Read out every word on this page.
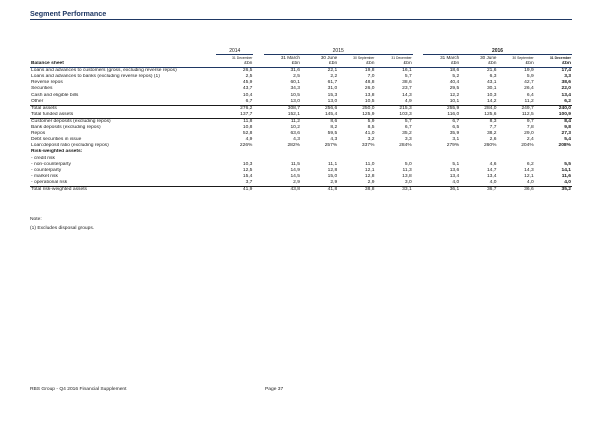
Segment Performance
	2014		2015					2016			
	31 December		31 March	30 June	30 September	31 December		31 March	30 June	30 September	31 December
Balance sheet	£bn		£bn	£bn	£bn	£bn		£bn	£bn	£bn	£bn
Loans and advances to customers (gross, excluding reverse repos)	26,5		31,6	22,1	19,8	16,1		18,6	21,6	19,9	17,4
Loans and advances to banks (excluding reverse repos) (1)	2,5		2,5	2,2	7,0	5,7		5,2	6,3	5,9	3,3
Reverse repos	45,9		60,1	61,7	48,8	38,6		40,4	43,1	42,7	38,6
Securities	43,7		34,3	31,0	26,0	23,7		29,5	30,1	26,4	22,0
Cash and eligible bills	10,4		10,5	15,3	13,8	14,3		12,2	10,3	6,4	13,4
Other	6,7		13,0	13,0	10,5	4,9		10,1	14,2	11,2	6,2
Total assets	276,2		308,7	256,6	250,0	215,3		255,9	284,0	249,7	240,0
Total funded assets	137,7		152,1	145,4	125,9	103,3		116,0	125,6	112,5	100,9
Customer deposits (excluding repos)	11,8		11,2	8,6	5,9	5,7		6,7	8,3	9,7	8,4
Bank deposits (excluding repos)	10,8		10,2	8,2	8,5	6,7		6,5	7,7	7,8	9,8
Repos	52,8		63,6	59,5	41,0	35,2		35,9	38,2	29,0	27,3
Debt securities in issue	4,9		4,3	4,3	3,2	3,3		3,1	2,6	2,4	5,4
Loan:deposit ratio (excluding repos)	226%		282%	257%	337%	284%		279%	260%	204%	208%
Risk-weighted assets:											
- credit risk											
- non-counterparty	10,3		11,5	11,1	11,0	5,0		5,1	4,6	6,2	5,5
- counterparty	12,5		14,9	12,8	12,1	11,3		13,6	14,7	14,3	14,1
- market risk	15,4		14,5	15,0	12,8	13,8		13,4	13,4	12,1	11,6
- operational risk	3,7		2,9	2,9	2,9	3,0		4,0	4,0	4,0	4,0
Total risk-weighted assets	41,9		43,8	41,8	38,8	33,1		36,1	36,7	36,6	35,2
Note:
(1) Excludes disposal groups.
RBS Group - Q4 2016 Financial Supplement	Page 37
